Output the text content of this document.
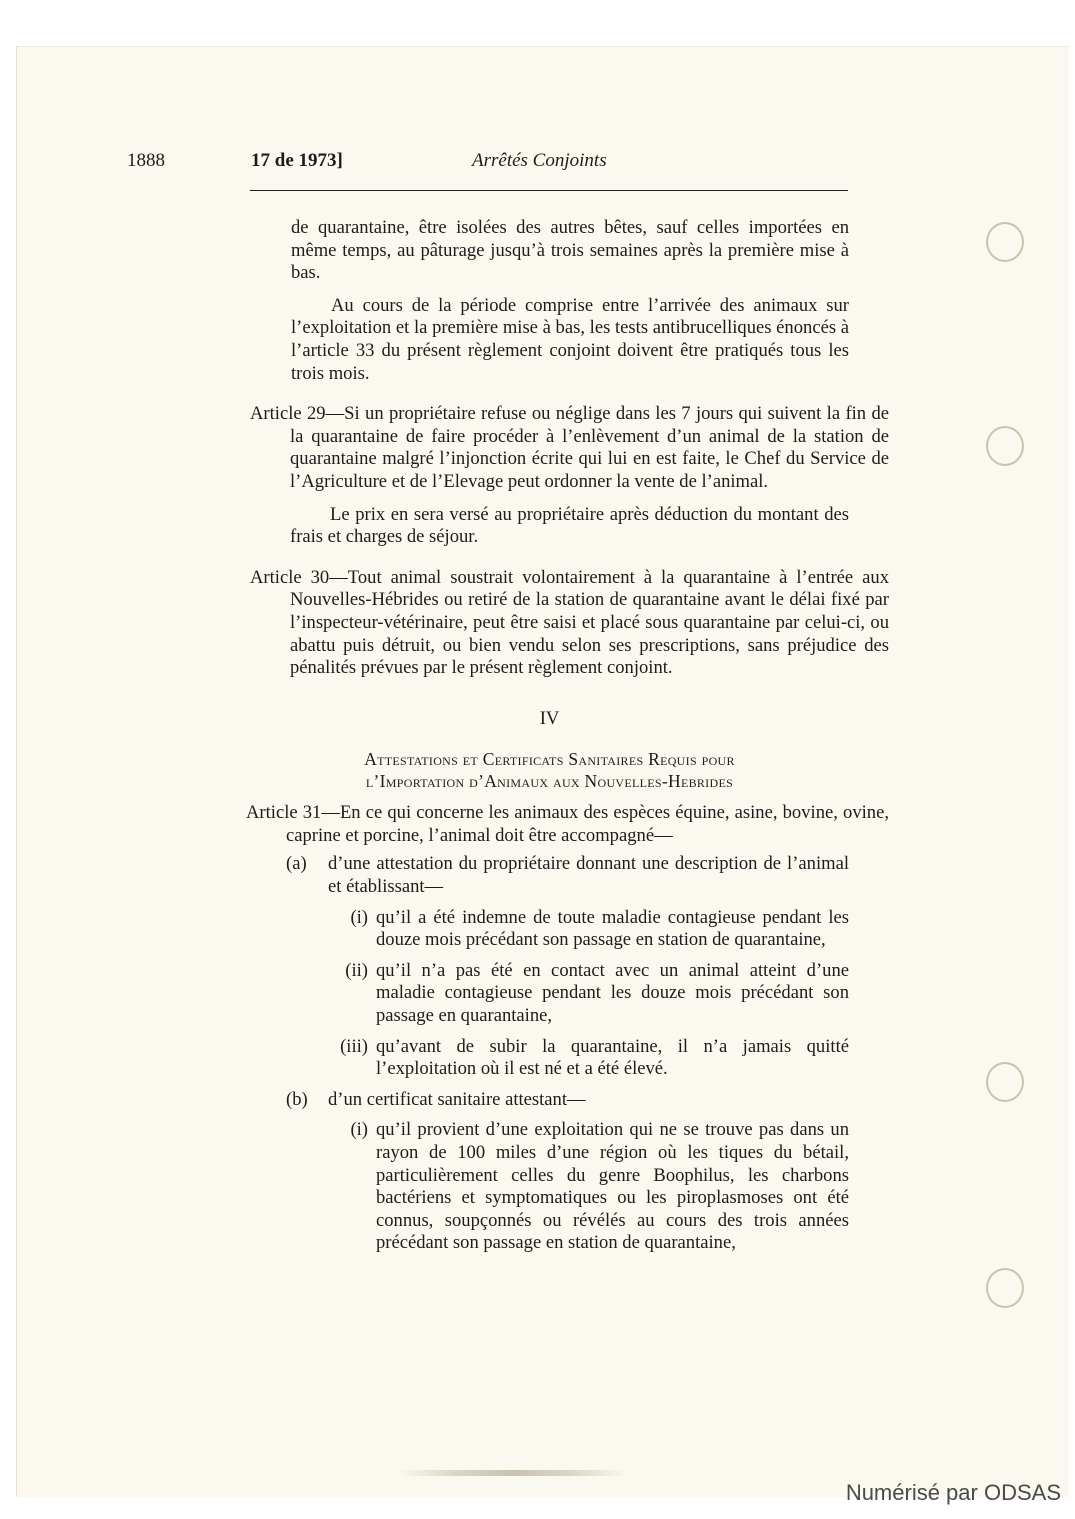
1888	17 de 1973]	Arrêtés Conjoints

de quarantaine, être isolées des autres bêtes, sauf celles importées en même temps, au pâturage jusqu’à trois semaines après la première mise à bas.

Au cours de la période comprise entre l’arrivée des animaux sur l’exploitation et la première mise à bas, les tests antibrucelliques énoncés à l’article 33 du présent règlement conjoint doivent être pratiqués tous les trois mois.

Article 29—Si un propriétaire refuse ou néglige dans les 7 jours qui suivent la fin de la quarantaine de faire procéder à l’enlèvement d’un animal de la station de quarantaine malgré l’injonction écrite qui lui en est faite, le Chef du Service de l’Agriculture et de l’Elevage peut ordonner la vente de l’animal.

Le prix en sera versé au propriétaire après déduction du montant des frais et charges de séjour.

Article 30—Tout animal soustrait volontairement à la quarantaine à l’entrée aux Nouvelles-Hébrides ou retiré de la station de quarantaine avant le délai fixé par l’inspecteur-vétérinaire, peut être saisi et placé sous quarantaine par celui-ci, ou abattu puis détruit, ou bien vendu selon ses prescriptions, sans préjudice des pénalités prévues par le présent règlement conjoint.

IV

Attestations et Certificats Sanitaires Requis pour
l’Importation d’Animaux aux Nouvelles-Hebrides

Article 31—En ce qui concerne les animaux des espèces équine, asine, bovine, ovine, caprine et porcine, l’animal doit être accompagné—

(a)	d’une attestation du propriétaire donnant une description de l’animal et établissant—
(i) qu’il a été indemne de toute maladie contagieuse pendant les douze mois précédant son passage en station de quarantaine,
(ii) qu’il n’a pas été en contact avec un animal atteint d’une maladie contagieuse pendant les douze mois précédant son passage en quarantaine,
(iii) qu’avant de subir la quarantaine, il n’a jamais quitté l’exploitation où il est né et a été élevé.
(b)	d’un certificat sanitaire attestant—
(i) qu’il provient d’une exploitation qui ne se trouve pas dans un rayon de 100 miles d’une région où les tiques du bétail, particulièrement celles du genre Boophilus, les charbons bactériens et symptomatiques ou les piroplasmoses ont été connus, soupçonnés ou révélés au cours des trois années précédant son passage en station de quarantaine,
Numérisé par ODSAS
